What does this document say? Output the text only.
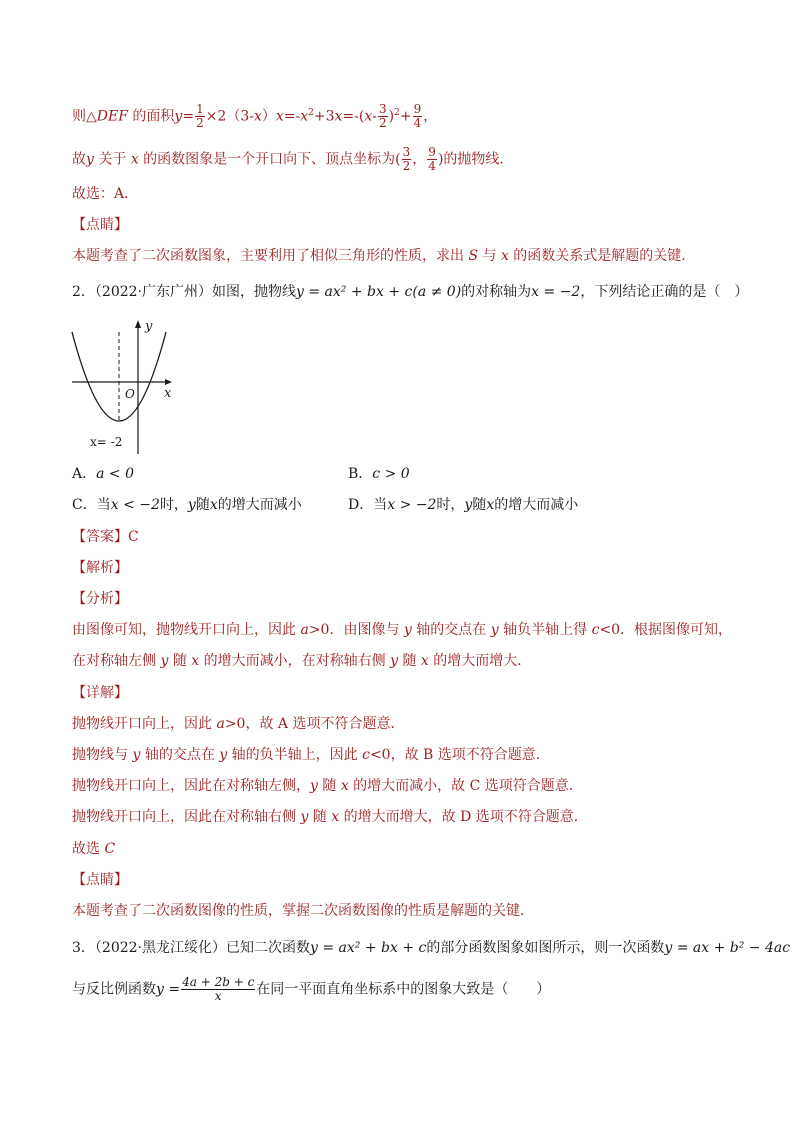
则△DEF 的面积$y= \frac{1}{2} \times 2(3-x)x=-x^2+3x=-(x- \frac{3}{2} )^2+ \frac{9}{4}$ ，
故y 关于 x 的函数图象是一个开口向下、顶点坐标为( $\frac{3}{2}$ ， $\frac{9}{4}$ )的抛物线．
故选：A．
【点睛】
本题考查了二次函数图象，主要利用了相似三角形的性质，求出 S 与 x 的函数关系式是解题的关键．
2．（2022·广东广州）如图，抛物线y = ax² + bx + c(a ≠ 0)的对称轴为x = −2，下列结论正确的是（　）
y
x
O
x= -2
A．a < 0	B．c > 0
C．当x < −2时，y随x的增大而减小	D．当x > −2时，y随x的增大而减小
【答案】C
【解析】
【分析】
由图像可知，抛物线开口向上，因此 a>0．由图像与 y 轴的交点在 y 轴负半轴上得 c<0．根据图像可知，
在对称轴左侧 y 随 x 的增大而减小，在对称轴右侧 y 随 x 的增大而增大．
【详解】
抛物线开口向上，因此 a>0，故 A 选项不符合题意．
抛物线与 y 轴的交点在 y 轴的负半轴上，因此 c<0，故 B 选项不符合题意．
抛物线开口向上，因此在对称轴左侧，y 随 x 的增大而减小，故 C 选项符合题意．
抛物线开口向上，因此在对称轴右侧 y 随 x 的增大而增大，故 D 选项不符合题意．
故选 C
【点睛】
本题考查了二次函数图像的性质，掌握二次函数图像的性质是解题的关键．
3．（2022·黑龙江绥化）已知二次函数y = ax² + bx + c的部分函数图象如图所示，则一次函数y = ax + b² − 4ac
与反比例函数$y = \frac{4a + 2b + c}{x}$ 在同一平面直角坐标系中的图象大致是（　　）
